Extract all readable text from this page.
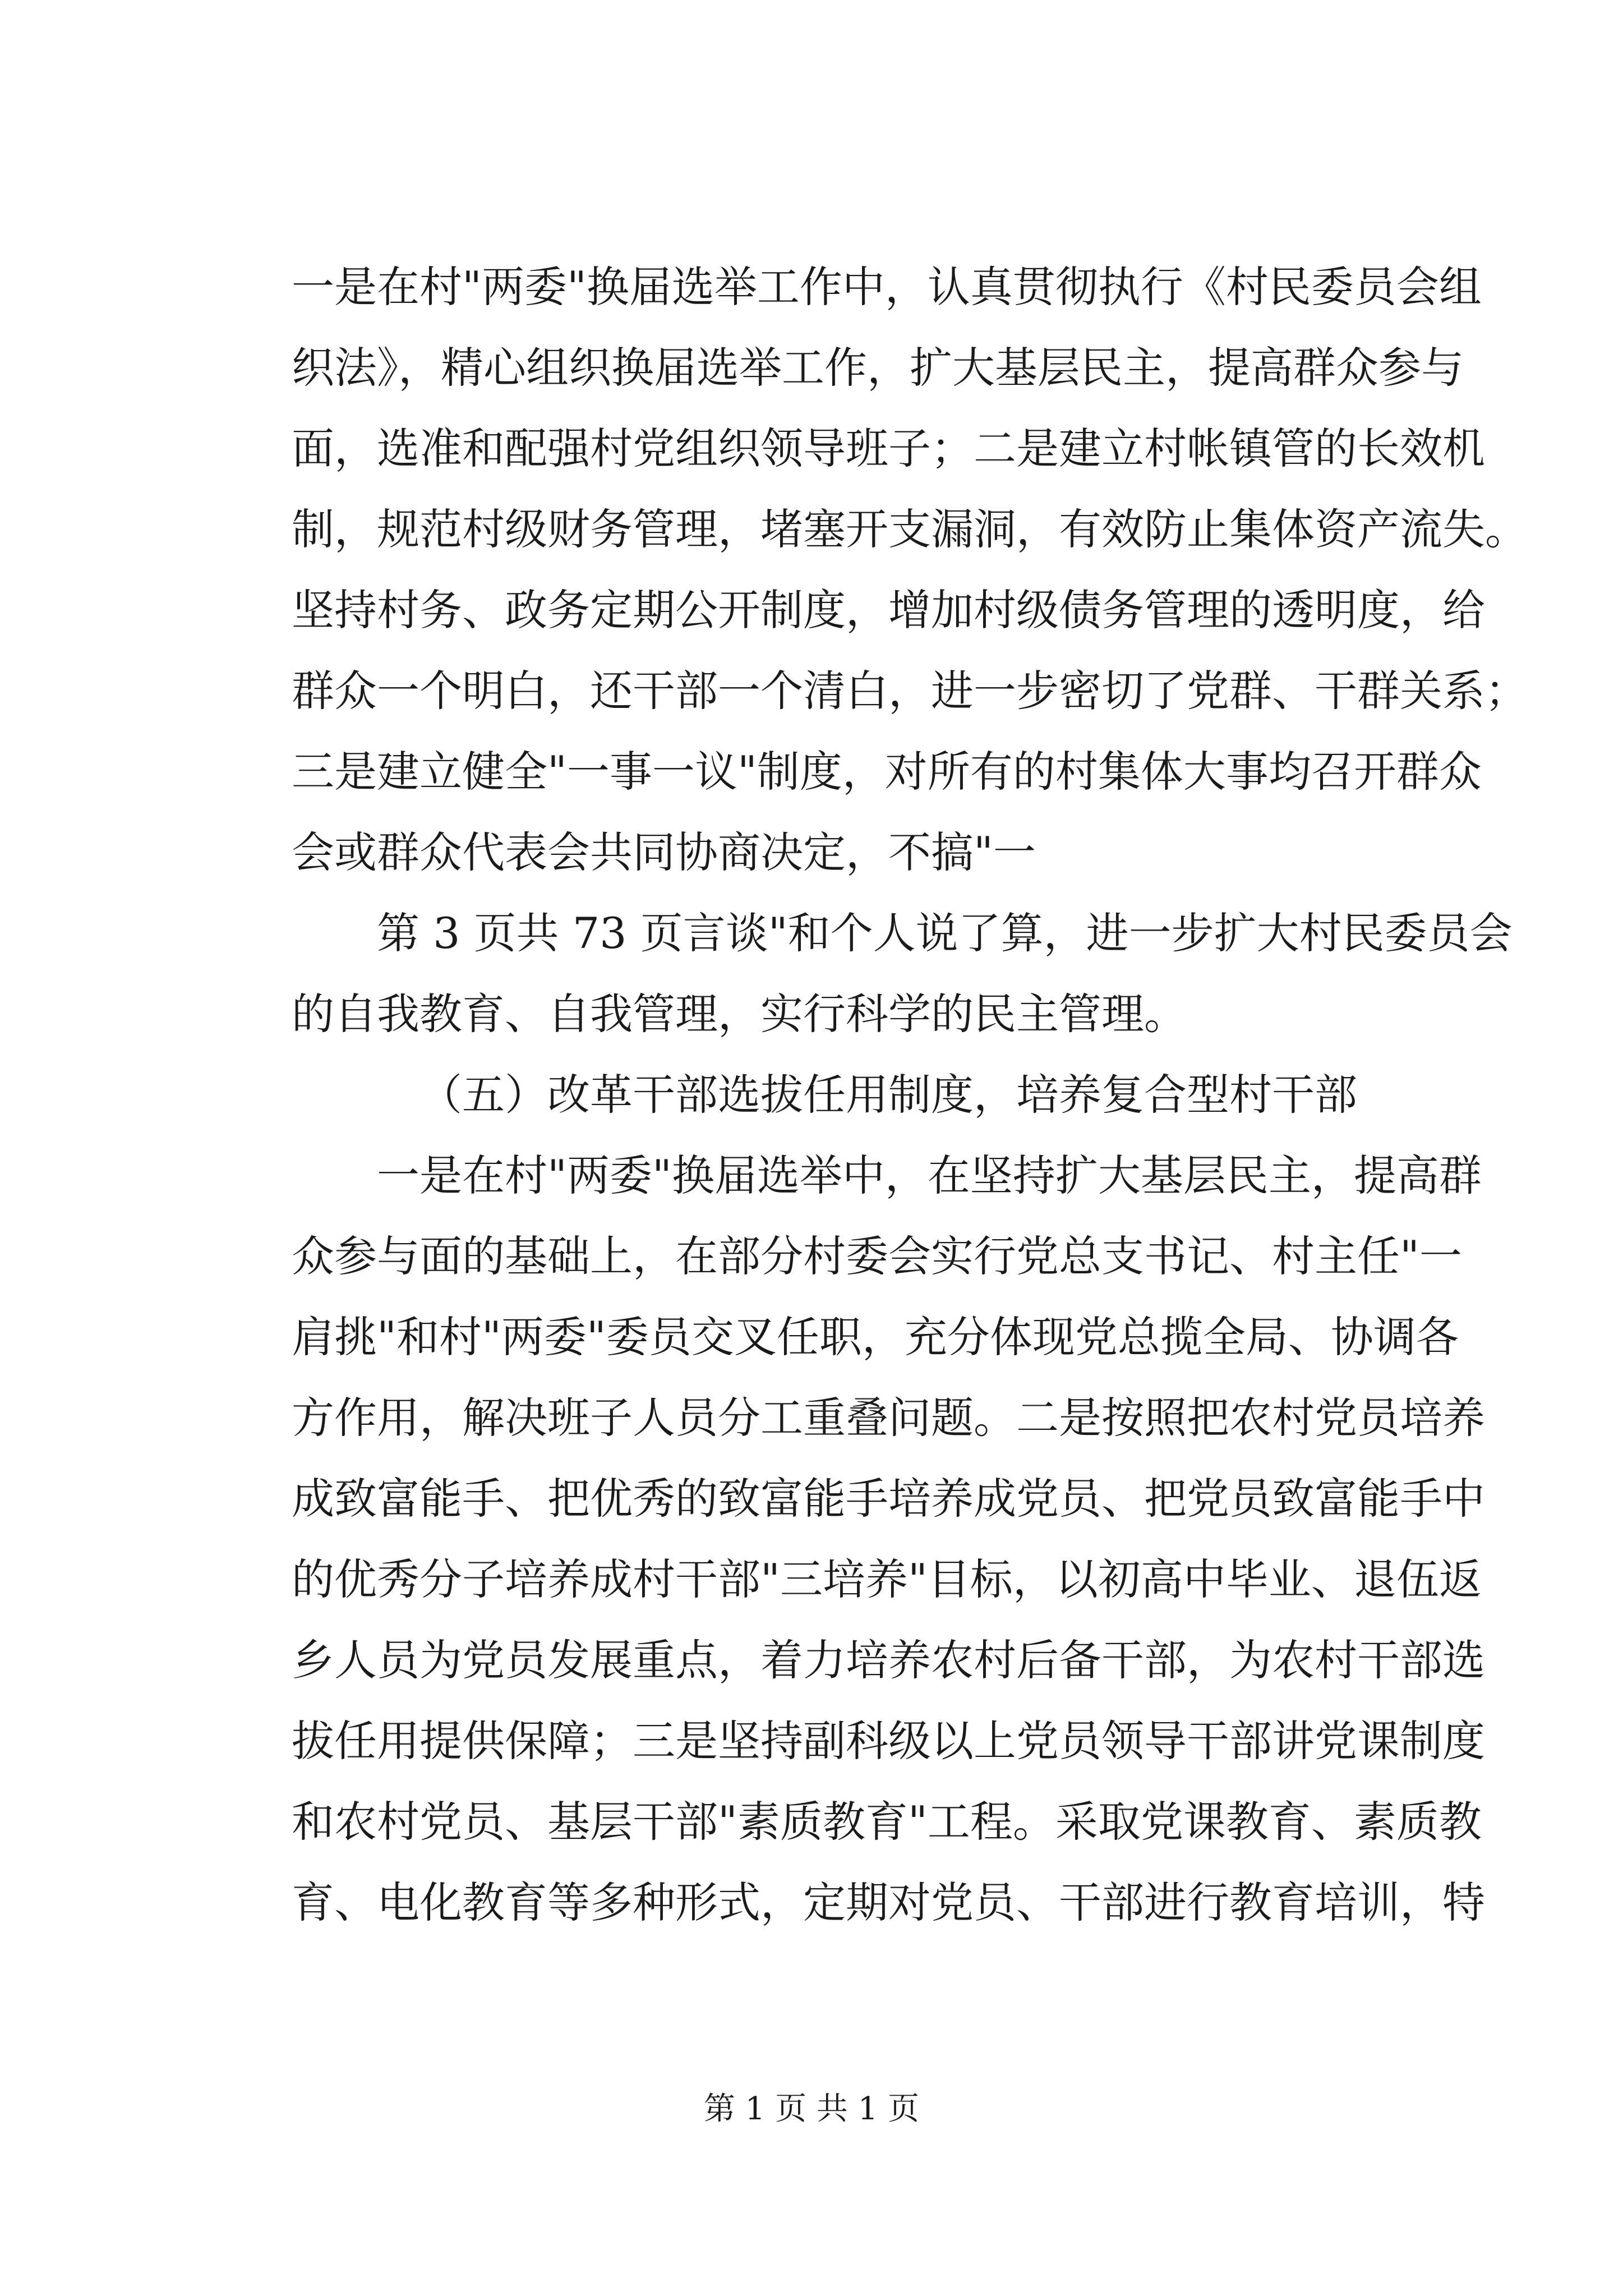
一是在村"两委"换届选举工作中，认真贯彻执行《村民委员会组
织法》，精心组织换届选举工作，扩大基层民主，提高群众参与
面，选准和配强村党组织领导班子；二是建立村帐镇管的长效机
制，规范村级财务管理，堵塞开支漏洞，有效防止集体资产流失。
坚持村务、政务定期公开制度，增加村级债务管理的透明度，给
群众一个明白，还干部一个清白，进一步密切了党群、干群关系；
三是建立健全"一事一议"制度，对所有的村集体大事均召开群众
会或群众代表会共同协商决定，不搞"一
第 3 页共 73 页言谈"和个人说了算，进一步扩大村民委员会
的自我教育、自我管理，实行科学的民主管理。
（五）改革干部选拔任用制度，培养复合型村干部
一是在村"两委"换届选举中，在坚持扩大基层民主，提高群
众参与面的基础上，在部分村委会实行党总支书记、村主任"一
肩挑"和村"两委"委员交叉任职，充分体现党总揽全局、协调各
方作用，解决班子人员分工重叠问题。二是按照把农村党员培养
成致富能手、把优秀的致富能手培养成党员、把党员致富能手中
的优秀分子培养成村干部"三培养"目标，以初高中毕业、退伍返
乡人员为党员发展重点，着力培养农村后备干部，为农村干部选
拔任用提供保障；三是坚持副科级以上党员领导干部讲党课制度
和农村党员、基层干部"素质教育"工程。采取党课教育、素质教
育、电化教育等多种形式，定期对党员、干部进行教育培训，特
第 1 页 共 1 页
